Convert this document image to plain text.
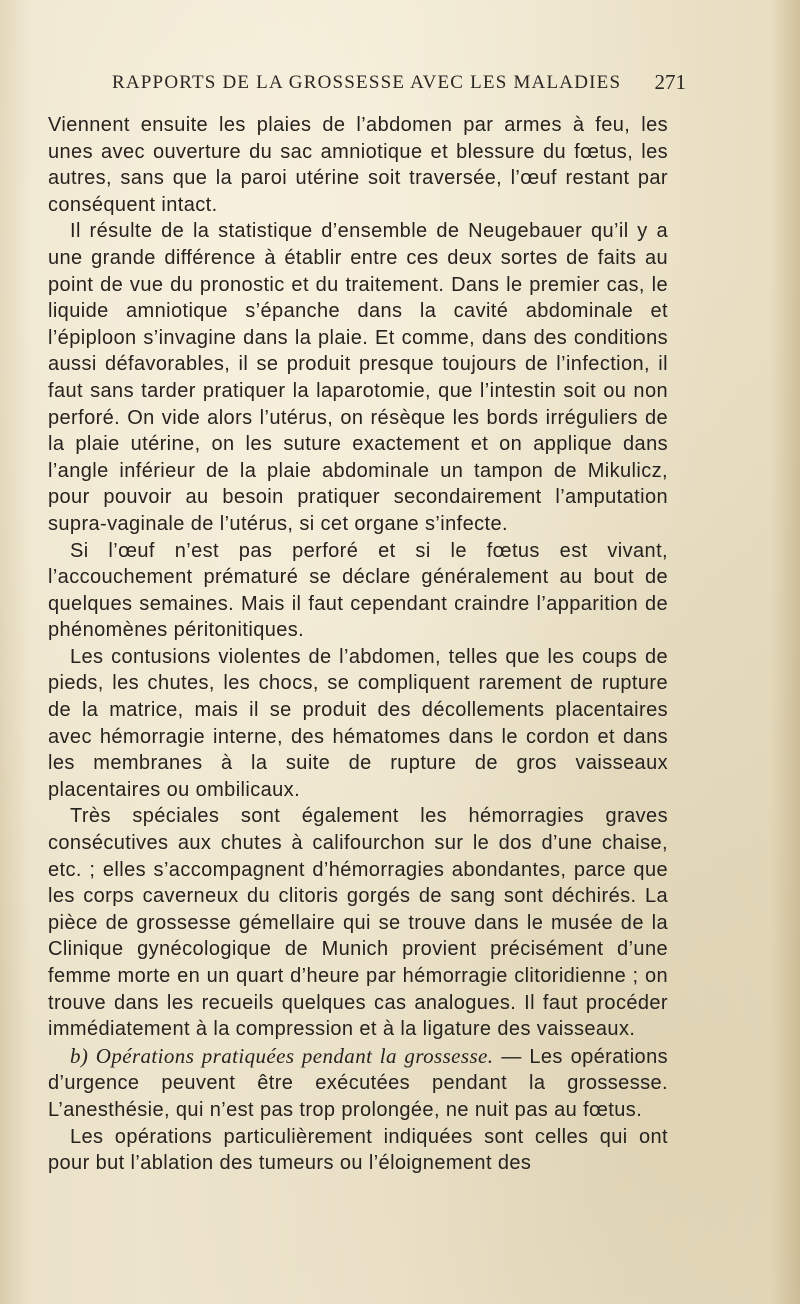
RAPPORTS DE LA GROSSESSE AVEC LES MALADIES 271

Viennent ensuite les plaies de l’abdomen par armes à feu, les unes avec ouverture du sac amniotique et blessure du fœtus, les autres, sans que la paroi utérine soit traversée, l’œuf restant par conséquent intact.

Il résulte de la statistique d’ensemble de Neugebauer qu’il y a une grande différence à établir entre ces deux sortes de faits au point de vue du pronostic et du traitement. Dans le premier cas, le liquide amniotique s’épanche dans la cavité abdominale et l’épiploon s’invagine dans la plaie. Et comme, dans des conditions aussi défavorables, il se produit presque toujours de l’infection, il faut sans tarder pratiquer la laparotomie, que l’intestin soit ou non perforé. On vide alors l’utérus, on résèque les bords irréguliers de la plaie utérine, on les suture exactement et on applique dans l’angle inférieur de la plaie abdominale un tampon de Mikulicz, pour pouvoir au besoin pratiquer secondairement l’amputation supra-vaginale de l’utérus, si cet organe s’infecte.

Si l’œuf n’est pas perforé et si le fœtus est vivant, l’accouchement prématuré se déclare généralement au bout de quelques semaines. Mais il faut cependant craindre l’apparition de phénomènes péritonitiques.

Les contusions violentes de l’abdomen, telles que les coups de pieds, les chutes, les chocs, se compliquent rarement de rupture de la matrice, mais il se produit des décollements placentaires avec hémorragie interne, des hématomes dans le cordon et dans les membranes à la suite de rupture de gros vaisseaux placentaires ou ombilicaux.

Très spéciales sont également les hémorragies graves consécutives aux chutes à califourchon sur le dos d’une chaise, etc. ; elles s’accompagnent d’hémorragies abondantes, parce que les corps caverneux du clitoris gorgés de sang sont déchirés. La pièce de grossesse gémellaire qui se trouve dans le musée de la Clinique gynécologique de Munich provient précisément d’une femme morte en un quart d’heure par hémorragie clitoridienne ; on trouve dans les recueils quelques cas analogues. Il faut procéder immédiatement à la compression et à la ligature des vaisseaux.

b) Opérations pratiquées pendant la grossesse. — Les opérations d’urgence peuvent être exécutées pendant la grossesse. L’anesthésie, qui n’est pas trop prolongée, ne nuit pas au fœtus.

Les opérations particulièrement indiquées sont celles qui ont pour but l’ablation des tumeurs ou l’éloignement des
